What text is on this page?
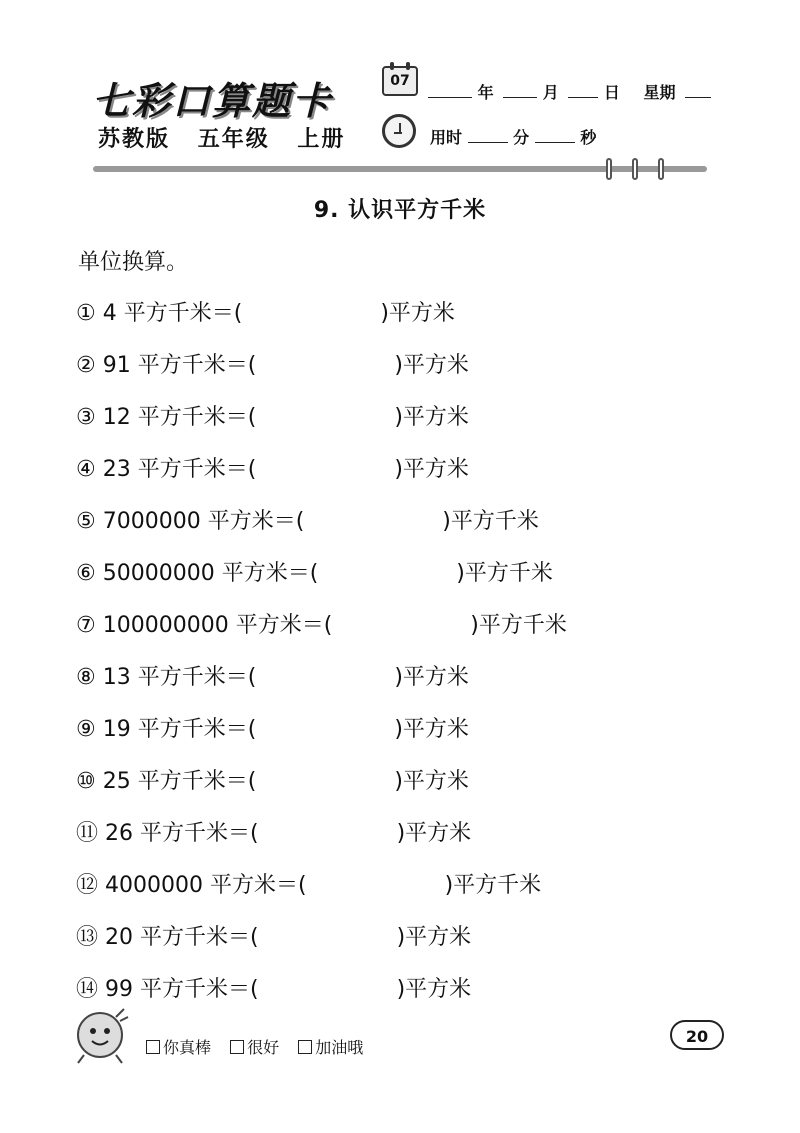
七彩口算题卡
苏教版 五年级 上册
07
年	月	日 星期
用时	分	秒
9. 认识平方千米
单位换算。
① 4 平方千米＝(	)平方米
② 91 平方千米＝(	)平方米
③ 12 平方千米＝(	)平方米
④ 23 平方千米＝(	)平方米
⑤ 7000000 平方米＝(	)平方千米
⑥ 50000000 平方米＝(	)平方千米
⑦ 100000000 平方米＝(	)平方千米
⑧ 13 平方千米＝(	)平方米
⑨ 19 平方千米＝(	)平方米
⑩ 25 平方千米＝(	)平方米
⑪ 26 平方千米＝(	)平方米
⑫ 4000000 平方米＝(	)平方千米
⑬ 20 平方千米＝(	)平方米
⑭ 99 平方千米＝(	)平方米
你真棒 很好 加油哦
20
